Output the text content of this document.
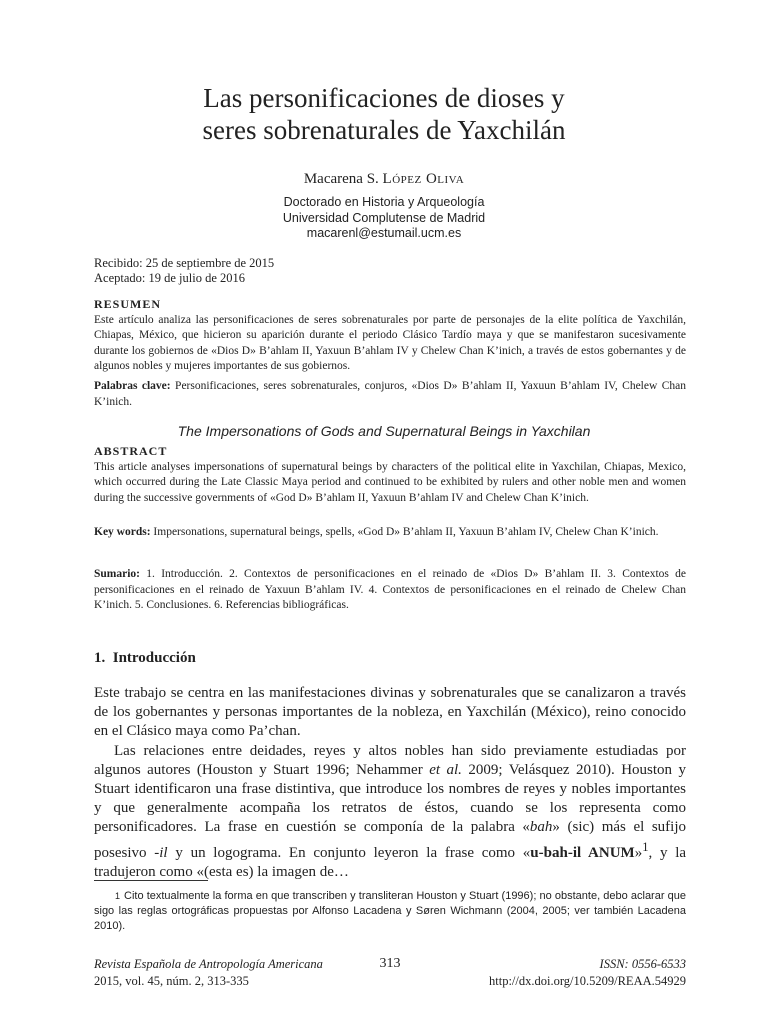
Las personificaciones de dioses y
seres sobrenaturales de Yaxchilán
Macarena S. López Oliva
Doctorado en Historia y Arqueología
Universidad Complutense de Madrid
macarenl@estumail.ucm.es
Recibido: 25 de septiembre de 2015
Aceptado: 19 de julio de 2016
RESUMEN
Este artículo analiza las personificaciones de seres sobrenaturales por parte de personajes de la elite política de Yaxchilán, Chiapas, México, que hicieron su aparición durante el periodo Clásico Tardío maya y que se manifestaron sucesivamente durante los gobiernos de «Dios D» B’ahlam II, Yaxuun B’ahlam IV y Chelew Chan K’inich, a través de estos gobernantes y de algunos nobles y mujeres importantes de sus gobiernos.
Palabras clave: Personificaciones, seres sobrenaturales, conjuros, «Dios D» B’ahlam II, Yaxuun B’ahlam IV, Chelew Chan K’inich.
The Impersonations of Gods and Supernatural Beings in Yaxchilan
ABSTRACT
This article analyses impersonations of supernatural beings by characters of the political elite in Yaxchilan, Chiapas, Mexico, which occurred during the Late Classic Maya period and continued to be exhibited by rulers and other noble men and women during the successive governments of «God D» B’ahlam II, Yaxuun B’ahlam IV and Chelew Chan K’inich.
Key words: Impersonations, supernatural beings, spells, «God D» B’ahlam II, Yaxuun B’ahlam IV, Chelew Chan K’inich.
Sumario: 1. Introducción. 2. Contextos de personificaciones en el reinado de «Dios D» B’ahlam II. 3. Contextos de personificaciones en el reinado de Yaxuun B’ahlam IV. 4. Contextos de personificaciones en el reinado de Chelew Chan K’inich. 5. Conclusiones. 6. Referencias bibliográficas.
1. Introducción

Este trabajo se centra en las manifestaciones divinas y sobrenaturales que se canalizaron a través de los gobernantes y personas importantes de la nobleza, en Yaxchilán (México), reino conocido en el Clásico maya como Pa’chan.

Las relaciones entre deidades, reyes y altos nobles han sido previamente estudiadas por algunos autores (Houston y Stuart 1996; Nehammer et al. 2009; Velásquez 2010). Houston y Stuart identificaron una frase distintiva, que introduce los nombres de reyes y nobles importantes y que generalmente acompaña los retratos de éstos, cuando se los representa como personificadores. La frase en cuestión se componía de la palabra «bah» (sic) más el sufijo posesivo -il y un logograma. En conjunto leyeron la frase como «u-bah-il ANUM»$^1$, y la tradujeron como «(esta es) la imagen de…

1 Cito textualmente la forma en que transcriben y transliteran Houston y Stuart (1996); no obstante, debo aclarar que sigo las reglas ortográficas propuestas por Alfonso Lacadena y Søren Wichmann (2004, 2005; ver también Lacadena 2010).
Revista Española de Antropología Americana
2015, vol. 45, núm. 2, 313-335
313	ISSN: 0556-6533
http://dx.doi.org/10.5209/REAA.54929
